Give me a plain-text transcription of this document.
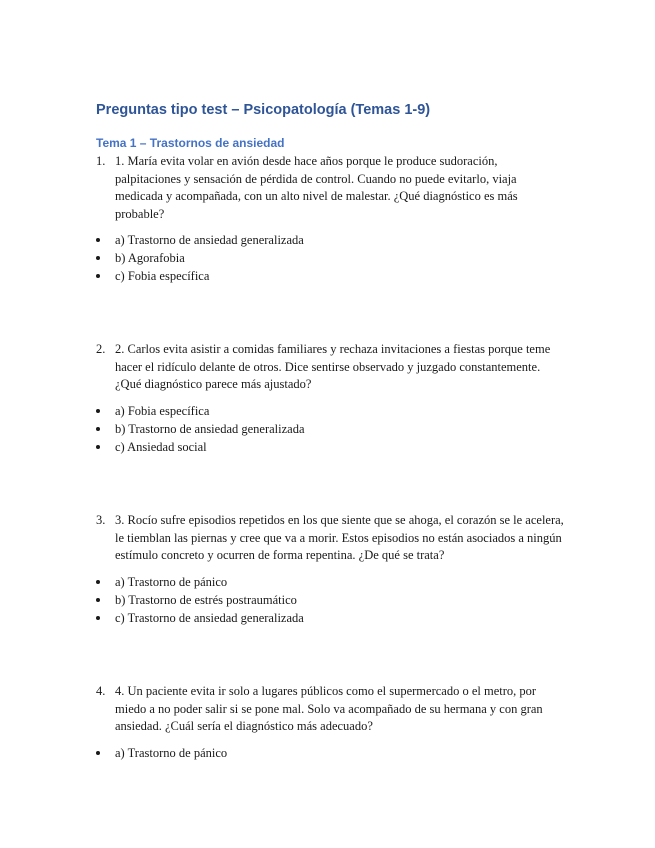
Preguntas tipo test – Psicopatología (Temas 1-9)
Tema 1 – Trastornos de ansiedad
1. 1. María evita volar en avión desde hace años porque le produce sudoración, palpitaciones y sensación de pérdida de control. Cuando no puede evitarlo, viaja medicada y acompañada, con un alto nivel de malestar. ¿Qué diagnóstico es más probable?
a) Trastorno de ansiedad generalizada
b) Agorafobia
c) Fobia específica
2. 2. Carlos evita asistir a comidas familiares y rechaza invitaciones a fiestas porque teme hacer el ridículo delante de otros. Dice sentirse observado y juzgado constantemente. ¿Qué diagnóstico parece más ajustado?
a) Fobia específica
b) Trastorno de ansiedad generalizada
c) Ansiedad social
3. 3. Rocío sufre episodios repetidos en los que siente que se ahoga, el corazón se le acelera, le tiemblan las piernas y cree que va a morir. Estos episodios no están asociados a ningún estímulo concreto y ocurren de forma repentina. ¿De qué se trata?
a) Trastorno de pánico
b) Trastorno de estrés postraumático
c) Trastorno de ansiedad generalizada
4. 4. Un paciente evita ir solo a lugares públicos como el supermercado o el metro, por miedo a no poder salir si se pone mal. Solo va acompañado de su hermana y con gran ansiedad. ¿Cuál sería el diagnóstico más adecuado?
a) Trastorno de pánico
